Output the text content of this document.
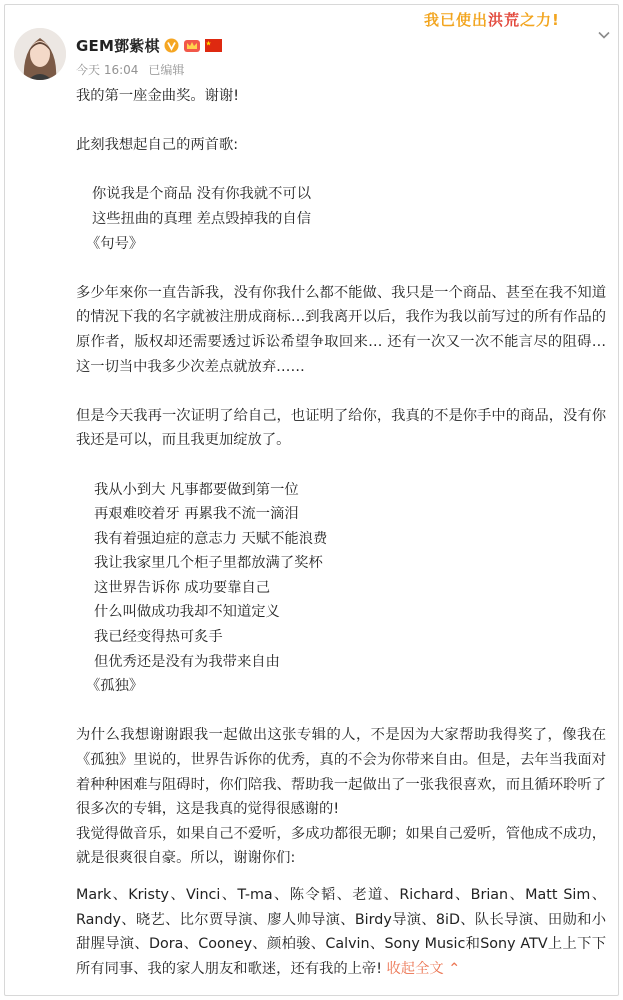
我已使出洪荒之力!
GEM鄧紫棋
今天 16:04 已编辑

我的第一座金曲奖。谢谢!

此刻我想起自己的两首歌:

你说我是个商品 没有你我就不可以

这些扭曲的真理 差点毁掉我的自信

《句号》

多少年來你一直告訴我，没有你我什么都不能做、我只是一个商品、甚至在我不知道的情況下我的名字就被注册成商标…到我离开以后，我作为我以前写过的所有作品的原作者，版权却还需要透过诉讼希望争取回来… 还有一次又一次不能言尽的阻碍…这一切当中我多少次差点就放弃……

但是今天我再一次证明了给自己，也证明了给你，我真的不是你手中的商品，没有你我还是可以，而且我更加绽放了。

我从小到大 凡事都要做到第一位

再艰难咬着牙 再累我不流一滴泪

我有着强迫症的意志力 天赋不能浪费

我让我家里几个柜子里都放满了奖杯

这世界告诉你 成功要靠自己

什么叫做成功我却不知道定义

我已经变得热可炙手

但优秀还是没有为我带来自由

《孤独》

为什么我想谢谢跟我一起做出这张专辑的人，不是因为大家帮助我得奖了，像我在《孤独》里说的，世界告诉你的优秀，真的不会为你带来自由。但是，去年当我面对着种种困难与阻碍时，你们陪我、帮助我一起做出了一张我很喜欢，而且循环聆听了很多次的专辑，这是我真的觉得很感谢的!

我觉得做音乐，如果自己不爱听，多成功都很无聊；如果自己爱听，管他成不成功，就是很爽很自豪。所以，谢谢你们:

Mark、Kristy、Vinci、T-ma、陈令韬、老道、Richard、Brian、Matt Sim、Randy、晓艺、比尔贾导演、廖人帅导演、Birdy导演、8iD、队长导演、田勋和小甜腥导演、Dora、Cooney、颜柏骏、Calvin、Sony Music和Sony ATV上上下下所有同事、我的家人朋友和歌迷，还有我的上帝! 收起全文 ⌃
